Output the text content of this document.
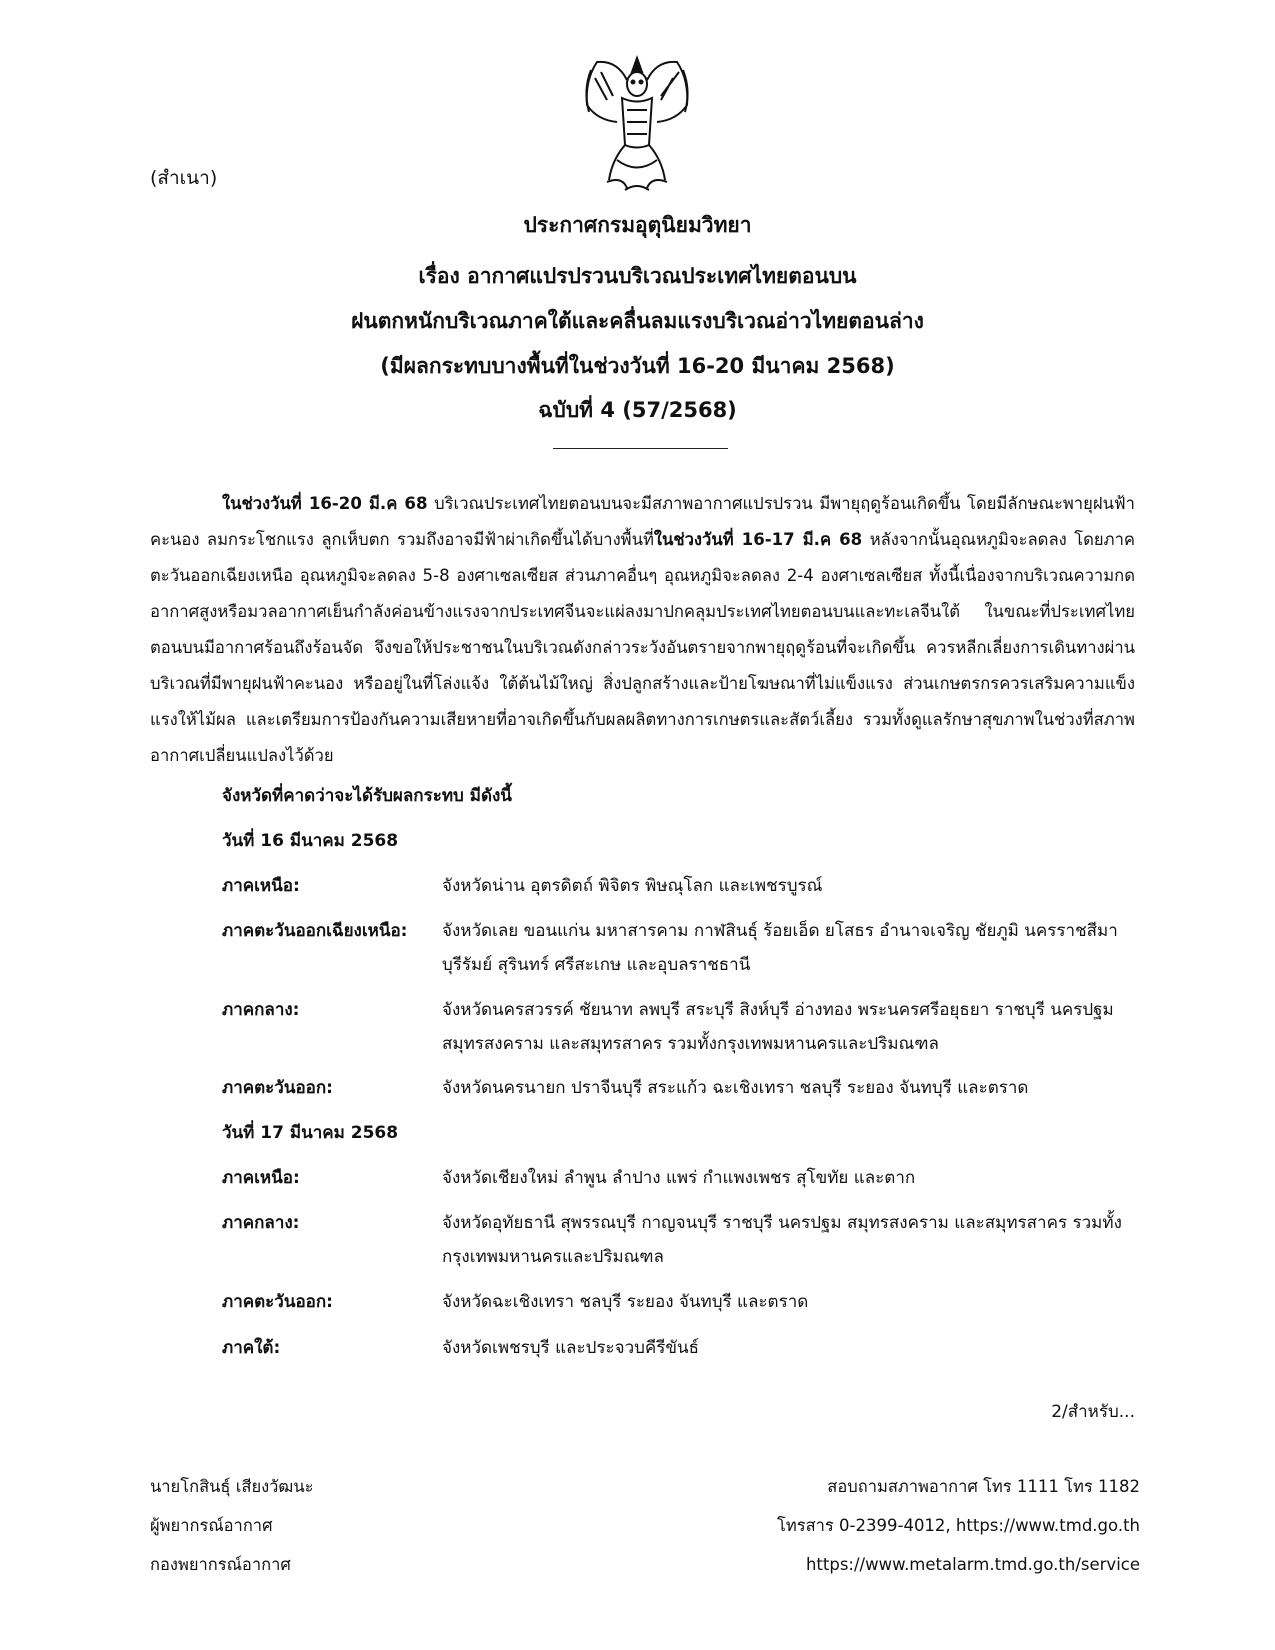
(สำเนา)
ประกาศกรมอุตุนิยมวิทยา
เรื่อง อากาศแปรปรวนบริเวณประเทศไทยตอนบน
ฝนตกหนักบริเวณภาคใต้และคลื่นลมแรงบริเวณอ่าวไทยตอนล่าง
(มีผลกระทบบางพื้นที่ในช่วงวันที่ 16-20 มีนาคม 2568)
ฉบับที่ 4 (57/2568)
ในช่วงวันที่ 16-20 มี.ค 68 บริเวณประเทศไทยตอนบนจะมีสภาพอากาศแปรปรวน มีพายุฤดูร้อนเกิดขึ้น โดยมีลักษณะพายุฝนฟ้าคะนอง ลมกระโชกแรง ลูกเห็บตก รวมถึงอาจมีฟ้าผ่าเกิดขึ้นได้บางพื้นที่ในช่วงวันที่ 16-17 มี.ค 68 หลังจากนั้นอุณหภูมิจะลดลง โดยภาคตะวันออกเฉียงเหนือ อุณหภูมิจะลดลง 5-8 องศาเซลเซียส ส่วนภาคอื่นๆ อุณหภูมิจะลดลง 2-4 องศาเซลเซียส ทั้งนี้เนื่องจากบริเวณความกดอากาศสูงหรือมวลอากาศเย็นกำลังค่อนข้างแรงจากประเทศจีนจะแผ่ลงมาปกคลุมประเทศไทยตอนบนและทะเลจีนใต้ ในขณะที่ประเทศไทยตอนบนมีอากาศร้อนถึงร้อนจัด จึงขอให้ประชาชนในบริเวณดังกล่าวระวังอันตรายจากพายุฤดูร้อนที่จะเกิดขึ้น ควรหลีกเลี่ยงการเดินทางผ่านบริเวณที่มีพายุฝนฟ้าคะนอง หรืออยู่ในที่โล่งแจ้ง ใต้ต้นไม้ใหญ่ สิ่งปลูกสร้างและป้ายโฆษณาที่ไม่แข็งแรง ส่วนเกษตรกรควรเสริมความแข็งแรงให้ไม้ผล และเตรียมการป้องกันความเสียหายที่อาจเกิดขึ้นกับผลผลิตทางการเกษตรและสัตว์เลี้ยง รวมทั้งดูแลรักษาสุขภาพในช่วงที่สภาพอากาศเปลี่ยนแปลงไว้ด้วย
จังหวัดที่คาดว่าจะได้รับผลกระทบ มีดังนี้
วันที่ 16 มีนาคม 2568
ภาคเหนือ:	จังหวัดน่าน อุตรดิตถ์ พิจิตร พิษณุโลก และเพชรบูรณ์
ภาคตะวันออกเฉียงเหนือ: จังหวัดเลย ขอนแก่น มหาสารคาม กาฬสินธุ์ ร้อยเอ็ด ยโสธร อำนาจเจริญ ชัยภูมิ นครราชสีมา บุรีรัมย์ สุรินทร์ ศรีสะเกษ และอุบลราชธานี
ภาคกลาง:	จังหวัดนครสวรรค์ ชัยนาท ลพบุรี สระบุรี สิงห์บุรี อ่างทอง พระนครศรีอยุธยา ราชบุรี นครปฐม สมุทรสงคราม และสมุทรสาคร รวมทั้งกรุงเทพมหานครและปริมณฑล
ภาคตะวันออก:	จังหวัดนครนายก ปราจีนบุรี สระแก้ว ฉะเชิงเทรา ชลบุรี ระยอง จันทบุรี และตราด
วันที่ 17 มีนาคม 2568
ภาคเหนือ:	จังหวัดเชียงใหม่ ลำพูน ลำปาง แพร่ กำแพงเพชร สุโขทัย และตาก
ภาคกลาง:	จังหวัดอุทัยธานี สุพรรณบุรี กาญจนบุรี ราชบุรี นครปฐม สมุทรสงคราม และสมุทรสาคร รวมทั้งกรุงเทพมหานครและปริมณฑล
ภาคตะวันออก:	จังหวัดฉะเชิงเทรา ชลบุรี ระยอง จันทบุรี และตราด
ภาคใต้:	จังหวัดเพชรบุรี และประจวบคีรีขันธ์
2/สำหรับ...
นายโกสินธุ์ เสียงวัฒนะ
ผู้พยากรณ์อากาศ
กองพยากรณ์อากาศ
สอบถามสภาพอากาศ โทร 1111 โทร 1182
โทรสาร 0-2399-4012, https://www.tmd.go.th
https://www.metalarm.tmd.go.th/service
